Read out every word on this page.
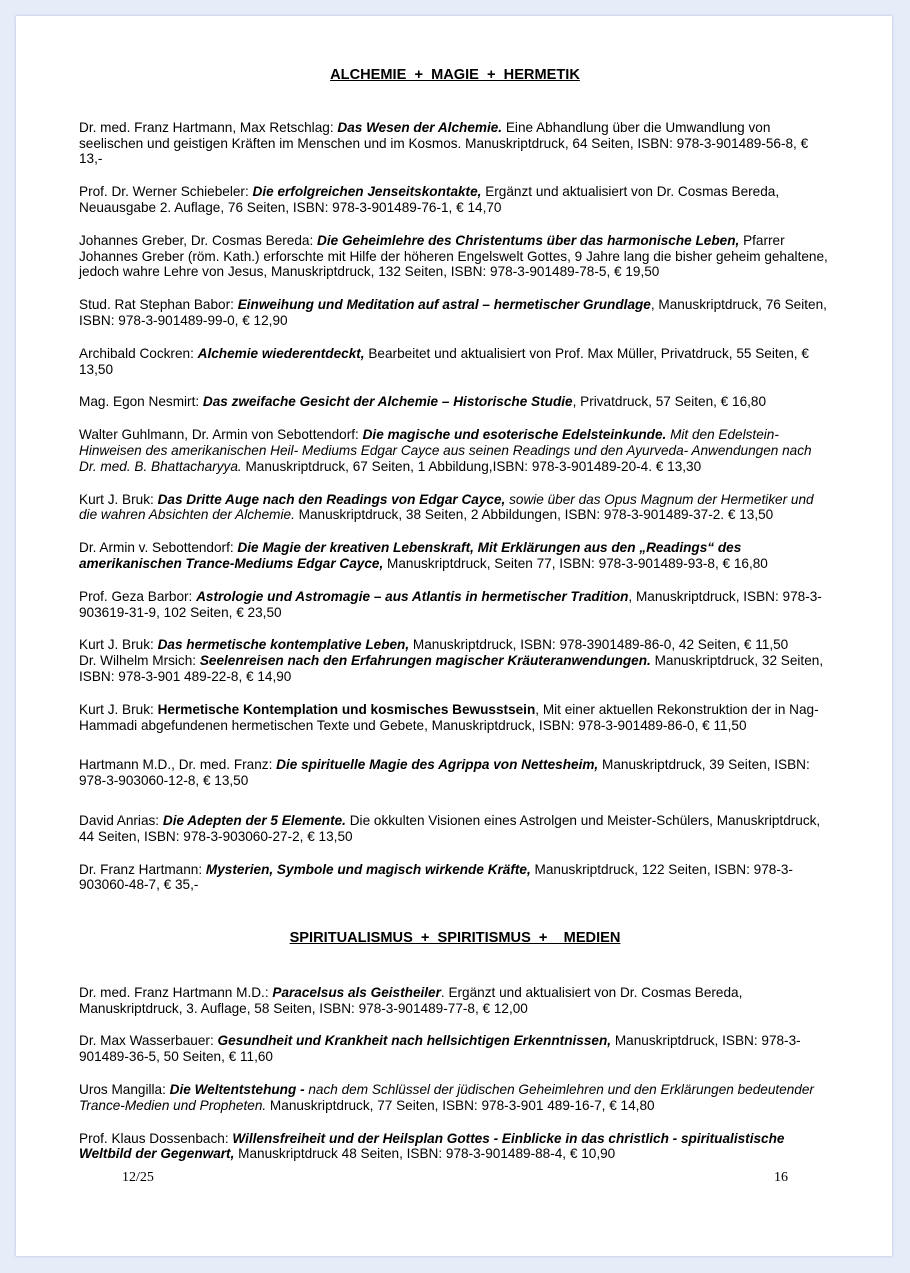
ALCHEMIE  +  MAGIE  +  HERMETIK

Dr. med. Franz Hartmann, Max Retschlag: Das Wesen der Alchemie. Eine Abhandlung über die Umwandlung von seelischen und geistigen Kräften im Menschen und im Kosmos. Manuskriptdruck, 64 Seiten, ISBN: 978-3-901489-56-8, € 13,-

Prof. Dr. Werner Schiebeler: Die erfolgreichen Jenseitskontakte, Ergänzt und aktualisiert von Dr. Cosmas Bereda, Neuausgabe 2. Auflage, 76 Seiten, ISBN: 978-3-901489-76-1, € 14,70

Johannes Greber, Dr. Cosmas Bereda: Die Geheimlehre des Christentums über das harmonische Leben, Pfarrer Johannes Greber (röm. Kath.) erforschte mit Hilfe der höheren Engelswelt Gottes, 9 Jahre lang die bisher geheim gehaltene, jedoch wahre Lehre von Jesus, Manuskriptdruck, 132 Seiten, ISBN: 978-3-901489-78-5, € 19,50

Stud. Rat Stephan Babor: Einweihung und Meditation auf astral – hermetischer Grundlage, Manuskriptdruck, 76 Seiten, ISBN: 978-3-901489-99-0, € 12,90

Archibald Cockren: Alchemie wiederentdeckt, Bearbeitet und aktualisiert von Prof. Max Müller, Privatdruck, 55 Seiten, € 13,50

Mag. Egon Nesmirt: Das zweifache Gesicht der Alchemie – Historische Studie, Privatdruck, 57 Seiten, € 16,80

Walter Guhlmann, Dr. Armin von Sebottendorf: Die magische und esoterische Edelsteinkunde. Mit den Edelstein-Hinweisen des amerikanischen Heil- Mediums Edgar Cayce aus seinen Readings und den Ayurveda- Anwendungen nach Dr. med. B. Bhattacharyya. Manuskriptdruck, 67 Seiten, 1 Abbildung,ISBN: 978-3-901489-20-4. € 13,30

Kurt J. Bruk: Das Dritte Auge nach den Readings von Edgar Cayce, sowie über das Opus Magnum der Hermetiker und die wahren Absichten der Alchemie. Manuskriptdruck, 38 Seiten, 2 Abbildungen, ISBN: 978-3-901489-37-2. € 13,50

Dr. Armin v. Sebottendorf: Die Magie der kreativen Lebenskraft, Mit Erklärungen aus den „Readings“ des amerikanischen Trance-Mediums Edgar Cayce, Manuskriptdruck, Seiten 77, ISBN: 978-3-901489-93-8, € 16,80

Prof. Geza Barbor: Astrologie und Astromagie – aus Atlantis in hermetischer Tradition, Manuskriptdruck, ISBN: 978-3-903619-31-9, 102 Seiten, € 23,50

Kurt J. Bruk: Das hermetische kontemplative Leben, Manuskriptdruck, ISBN: 978-3901489-86-0, 42 Seiten, € 11,50

Dr. Wilhelm Mrsich: Seelenreisen nach den Erfahrungen magischer Kräuteranwendungen. Manuskriptdruck, 32 Seiten, ISBN: 978-3-901 489-22-8, € 14,90

Kurt J. Bruk: Hermetische Kontemplation und kosmisches Bewusstsein, Mit einer aktuellen Rekonstruktion der in Nag-Hammadi abgefundenen hermetischen Texte und Gebete, Manuskriptdruck, ISBN: 978-3-901489-86-0, € 11,50

Hartmann M.D., Dr. med. Franz: Die spirituelle Magie des Agrippa von Nettesheim, Manuskriptdruck, 39 Seiten, ISBN: 978-3-903060-12-8, € 13,50

David Anrias: Die Adepten der 5 Elemente. Die okkulten Visionen eines Astrolgen und Meister-Schülers, Manuskriptdruck, 44 Seiten, ISBN: 978-3-903060-27-2, € 13,50

Dr. Franz Hartmann: Mysterien, Symbole und magisch wirkende Kräfte, Manuskriptdruck, 122 Seiten, ISBN: 978-3-903060-48-7, € 35,-

SPIRITUALISMUS  +  SPIRITISMUS  +    MEDIEN

Dr. med. Franz Hartmann M.D.: Paracelsus als Geistheiler. Ergänzt und aktualisiert von Dr. Cosmas Bereda, Manuskriptdruck, 3. Auflage, 58 Seiten, ISBN: 978-3-901489-77-8, € 12,00

Dr. Max Wasserbauer: Gesundheit und Krankheit nach hellsichtigen Erkenntnissen, Manuskriptdruck, ISBN: 978-3-901489-36-5, 50 Seiten, € 11,60

Uros Mangilla: Die Weltentstehung - nach dem Schlüssel der jüdischen Geheimlehren und den Erklärungen bedeutender Trance-Medien und Propheten. Manuskriptdruck, 77 Seiten, ISBN: 978-3-901 489-16-7, € 14,80

Prof. Klaus Dossenbach: Willensfreiheit und der Heilsplan Gottes - Einblicke in das christlich - spiritualistische Weltbild der Gegenwart, Manuskriptdruck 48 Seiten, ISBN: 978-3-901489-88-4, € 10,90

12/25	16
